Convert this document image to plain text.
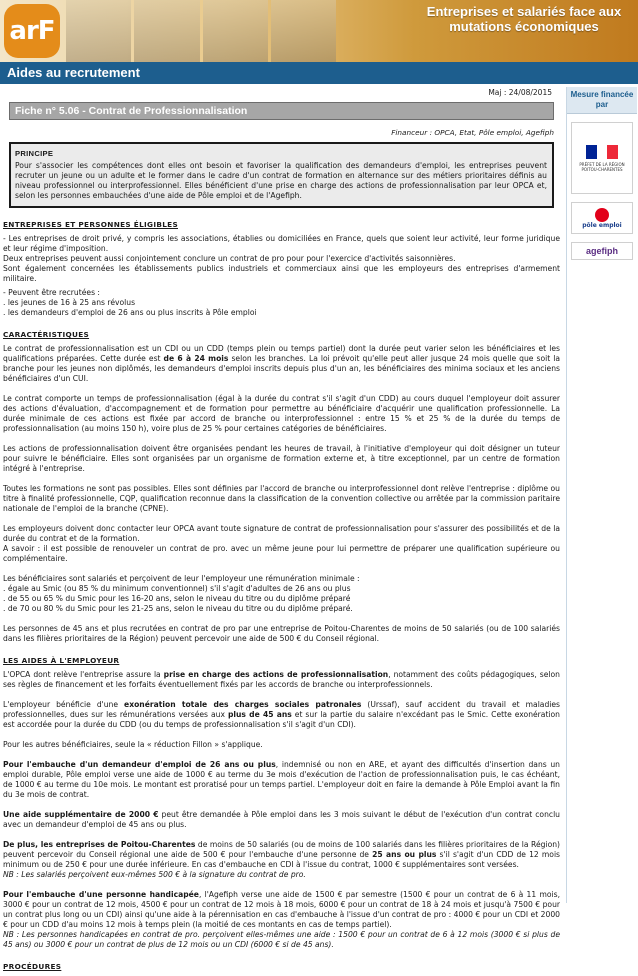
arF
Entreprises et salariés face aux mutations économiques
Aides au recrutement
Mesure financée par
PRÉFET DE LA RÉGION POITOU-CHARENTES
pôle emploi
agefiph
Maj : 24/08/2015
Fiche n° 5.06 - Contrat de Professionnalisation
Financeur : OPCA, Etat, Pôle emploi, Agefiph
PRINCIPE

Pour s'associer les compétences dont elles ont besoin et favoriser la qualification des demandeurs d'emploi, les entreprises peuvent recruter un jeune ou un adulte et le former dans le cadre d'un contrat de formation en alternance sur des métiers prioritaires définis au niveau professionnel ou interprofessionnel. Elles bénéficient d'une prise en charge des actions de professionnalisation par leur OPCA et, selon les personnes embauchées d'une aide de Pôle emploi et de l'Agefiph.

ENTREPRISES ET PERSONNES ÉLIGIBLES

- Les entreprises de droit privé, y compris les associations, établies ou domiciliées en France, quels que soient leur activité, leur forme juridique et leur régime d'imposition.

Deux entreprises peuvent aussi conjointement conclure un contrat de pro pour pour l'exercice d'activités saisonnières.

Sont également concernées les établissements publics industriels et commerciaux ainsi que les employeurs des entreprises d'armement militaire.

- Peuvent être recrutées :

. les jeunes de 16 à 25 ans révolus

. les demandeurs d'emploi de 26 ans ou plus inscrits à Pôle emploi

CARACTÉRISTIQUES

Le contrat de professionnalisation est un CDI ou un CDD (temps plein ou temps partiel) dont la durée peut varier selon les bénéficiaires et les qualifications préparées. Cette durée est de 6 à 24 mois selon les branches. La loi prévoit qu'elle peut aller jusque 24 mois quelle que soit la branche pour les jeunes non diplômés, les demandeurs d'emploi inscrits depuis plus d'un an, les bénéficiaires des minima sociaux et les anciens bénéficiaires d'un CUI.

Le contrat comporte un temps de professionnalisation (égal à la durée du contrat s'il s'agit d'un CDD) au cours duquel l'employeur doit assurer des actions d'évaluation, d'accompagnement et de formation pour permettre au bénéficiaire d'acquérir une qualification professionnelle. La durée minimale de ces actions est fixée par accord de branche ou interprofessionnel : entre 15 % et 25 % de la durée du temps de professionnalisation (au moins 150 h), voire plus de 25 % pour certaines catégories de bénéficiaires.

Les actions de professionnalisation doivent être organisées pendant les heures de travail, à l'initiative d'employeur qui doit désigner un tuteur pour suivre le bénéficiaire. Elles sont organisées par un organisme de formation externe et, à titre exceptionnel, par un centre de formation intégré à l'entreprise.

Toutes les formations ne sont pas possibles. Elles sont définies par l'accord de branche ou interprofessionnel dont relève l'entreprise : diplôme ou titre à finalité professionnelle, CQP, qualification reconnue dans la classification de la convention collective ou arrêtée par la commission paritaire nationale de l'emploi de la branche (CPNE).

Les employeurs doivent donc contacter leur OPCA avant toute signature de contrat de professionnalisation pour s'assurer des possibilités et de la durée du contrat et de la formation.

A savoir : il est possible de renouveler un contrat de pro. avec un même jeune pour lui permettre de préparer une qualification supérieure ou complémentaire.

Les bénéficiaires sont salariés et perçoivent de leur l'employeur une rémunération minimale :

. égale au Smic (ou 85 % du minimum conventionnel) s'il s'agit d'adultes de 26 ans ou plus

. de 55 ou 65 % du Smic pour les 16-20 ans, selon le niveau du titre ou du diplôme préparé

. de 70 ou 80 % du Smic pour les 21-25 ans, selon le niveau du titre ou du diplôme préparé.

Les personnes de 45 ans et plus recrutées en contrat de pro par une entreprise de Poitou-Charentes de moins de 50 salariés (ou de 100 salariés dans les filières prioritaires de la Région) peuvent percevoir une aide de 500 € du Conseil régional.

LES AIDES À L'EMPLOYEUR

L'OPCA dont relève l'entreprise assure la prise en charge des actions de professionnalisation, notamment des coûts pédagogiques, selon ses règles de financement et les forfaits éventuellement fixés par les accords de branche ou interprofessionnels.

L'employeur bénéficie d'une exonération totale des charges sociales patronales (Urssaf), sauf accident du travail et maladies professionnelles, dues sur les rémunérations versées aux plus de 45 ans et sur la partie du salaire n'excédant pas le Smic. Cette exonération est accordée pour la durée du CDD (ou du temps de professionnalisation s'il s'agit d'un CDI).

Pour les autres bénéficiaires, seule la « réduction Fillon » s'applique.

Pour l'embauche d'un demandeur d'emploi de 26 ans ou plus, indemnisé ou non en ARE, et ayant des difficultés d'insertion dans un emploi durable, Pôle emploi verse une aide de 1000 € au terme du 3e mois d'exécution de l'action de professionnalisation puis, le cas échéant, de 1000 € au terme du 10e mois. Le montant est proratisé pour un temps partiel. L'employeur doit en faire la demande à Pôle Emploi avant la fin du 3e mois de contrat.

Une aide supplémentaire de 2000 € peut être demandée à Pôle emploi dans les 3 mois suivant le début de l'exécution d'un contrat conclu avec un demandeur d'emploi de 45 ans ou plus.

De plus, les entreprises de Poitou-Charentes de moins de 50 salariés (ou de moins de 100 salariés dans les filières prioritaires de la Région) peuvent percevoir du Conseil régional une aide de 500 € pour l'embauche d'une personne de 25 ans ou plus s'il s'agit d'un CDD de 12 mois minimum ou de 250 € pour une durée inférieure. En cas d'embauche en CDI à l'issue du contrat, 1000 € supplémentaires sont versées.

NB : Les salariés perçoivent eux-mêmes 500 € à la signature du contrat de pro.

Pour l'embauche d'une personne handicapée, l'Agefiph verse une aide de 1500 € par semestre (1500 € pour un contrat de 6 à 11 mois, 3000 € pour un contrat de 12 mois, 4500 € pour un contrat de 12 mois à 18 mois, 6000 € pour un contrat de 18 à 24 mois et jusqu'à 7500 € pour un contrat plus long ou un CDI) ainsi qu'une aide à la pérennisation en cas d'embauche à l'issue d'un contrat de pro : 4000 € pour un CDI et 2000 € pour un CDD d'au moins 12 mois à temps plein (la moitié de ces montants en cas de temps partiel).

NB : Les personnes handicapées en contrat de pro. perçoivent elles-mêmes une aide : 1500 € pour un contrat de 6 à 12 mois (3000 € si plus de 45 ans) ou 3000 € pour un contrat de plus de 12 mois ou un CDI (6000 € si de 45 ans).

PROCÉDURES
